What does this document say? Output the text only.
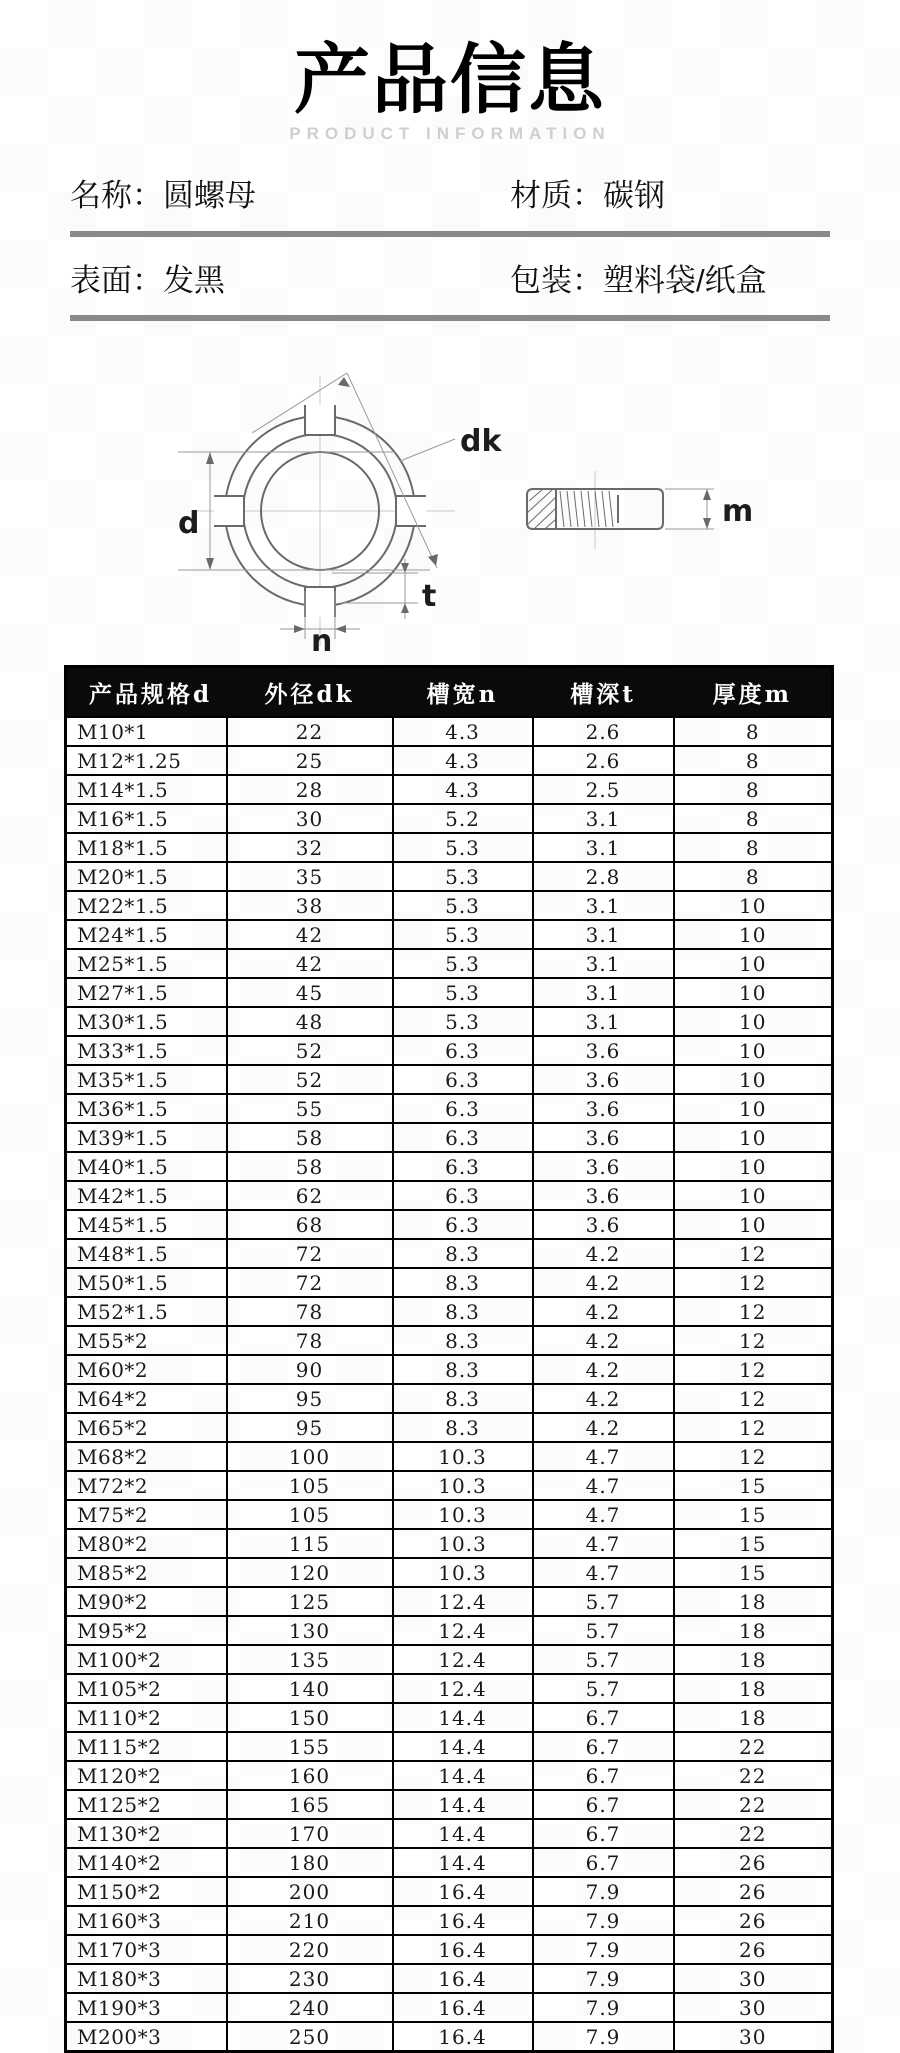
产品信息
PRODUCT INFORMATION
名称：圆螺母	材质：碳钢
表面：发黑	包装：塑料袋/纸盒
d
dk
t
n
m
产品规格d	外径dk	槽宽n	槽深t	厚度m
M10*1	22	4.3	2.6	8
M12*1.25	25	4.3	2.6	8
M14*1.5	28	4.3	2.5	8
M16*1.5	30	5.2	3.1	8
M18*1.5	32	5.3	3.1	8
M20*1.5	35	5.3	2.8	8
M22*1.5	38	5.3	3.1	10
M24*1.5	42	5.3	3.1	10
M25*1.5	42	5.3	3.1	10
M27*1.5	45	5.3	3.1	10
M30*1.5	48	5.3	3.1	10
M33*1.5	52	6.3	3.6	10
M35*1.5	52	6.3	3.6	10
M36*1.5	55	6.3	3.6	10
M39*1.5	58	6.3	3.6	10
M40*1.5	58	6.3	3.6	10
M42*1.5	62	6.3	3.6	10
M45*1.5	68	6.3	3.6	10
M48*1.5	72	8.3	4.2	12
M50*1.5	72	8.3	4.2	12
M52*1.5	78	8.3	4.2	12
M55*2	78	8.3	4.2	12
M60*2	90	8.3	4.2	12
M64*2	95	8.3	4.2	12
M65*2	95	8.3	4.2	12
M68*2	100	10.3	4.7	12
M72*2	105	10.3	4.7	15
M75*2	105	10.3	4.7	15
M80*2	115	10.3	4.7	15
M85*2	120	10.3	4.7	15
M90*2	125	12.4	5.7	18
M95*2	130	12.4	5.7	18
M100*2	135	12.4	5.7	18
M105*2	140	12.4	5.7	18
M110*2	150	14.4	6.7	18
M115*2	155	14.4	6.7	22
M120*2	160	14.4	6.7	22
M125*2	165	14.4	6.7	22
M130*2	170	14.4	6.7	22
M140*2	180	14.4	6.7	26
M150*2	200	16.4	7.9	26
M160*3	210	16.4	7.9	26
M170*3	220	16.4	7.9	26
M180*3	230	16.4	7.9	30
M190*3	240	16.4	7.9	30
M200*3	250	16.4	7.9	30
